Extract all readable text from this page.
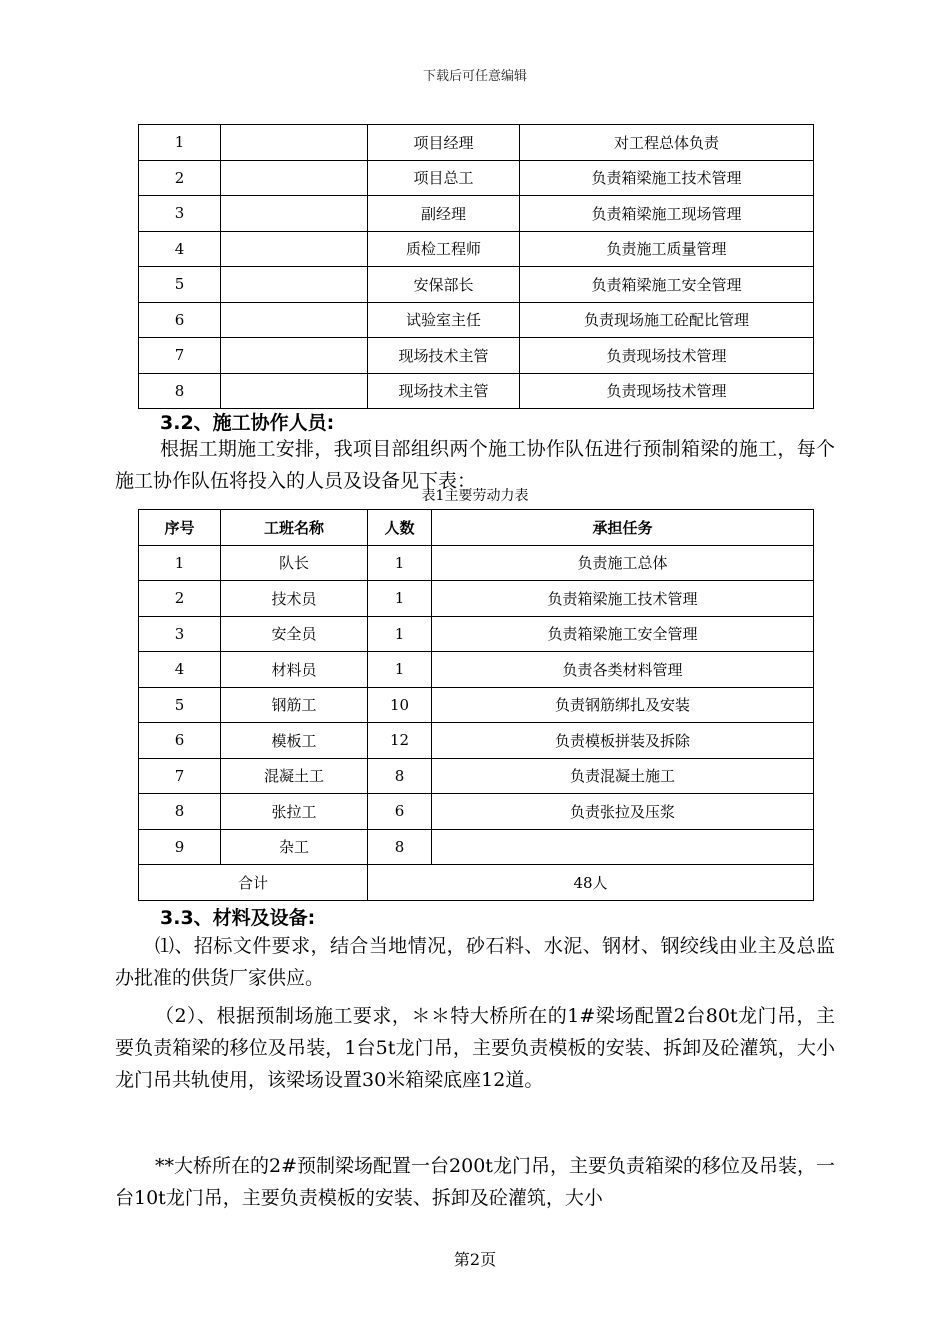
下载后可任意编辑
1		项目经理	对工程总体负责
2		项目总工	负责箱梁施工技术管理
3		副经理	负责箱梁施工现场管理
4		质检工程师	负责施工质量管理
5		安保部长	负责箱梁施工安全管理
6		试验室主任	负责现场施工砼配比管理
7		现场技术主管	负责现场技术管理
8		现场技术主管	负责现场技术管理
3.2、施工协作人员:

根据工期施工安排，我项目部组织两个施工协作队伍进行预制箱梁的施工，每个施工协作队伍将投入的人员及设备见下表：

表1主要劳动力表
序号	工班名称	人数	承担任务
1	队长	1	负责施工总体
2	技术员	1	负责箱梁施工技术管理
3	安全员	1	负责箱梁施工安全管理
4	材料员	1	负责各类材料管理
5	钢筋工	10	负责钢筋绑扎及安装
6	模板工	12	负责模板拼装及拆除
7	混凝土工	8	负责混凝土施工
8	张拉工	6	负责张拉及压浆
9	杂工	8	
合计		48人	
3.3、材料及设备:

⑴、招标文件要求，结合当地情况，砂石料、水泥、钢材、钢绞线由业主及总监办批准的供货厂家供应。

（2）、根据预制场施工要求，＊＊特大桥所在的1#梁场配置2台80t龙门吊，主要负责箱梁的移位及吊装，1台5t龙门吊，主要负责模板的安装、拆卸及砼灌筑，大小龙门吊共轨使用，该梁场设置30米箱梁底座12道。

**大桥所在的2#预制梁场配置一台200t龙门吊，主要负责箱梁的移位及吊装，一台10t龙门吊，主要负责模板的安装、拆卸及砼灌筑，大小

第2页
